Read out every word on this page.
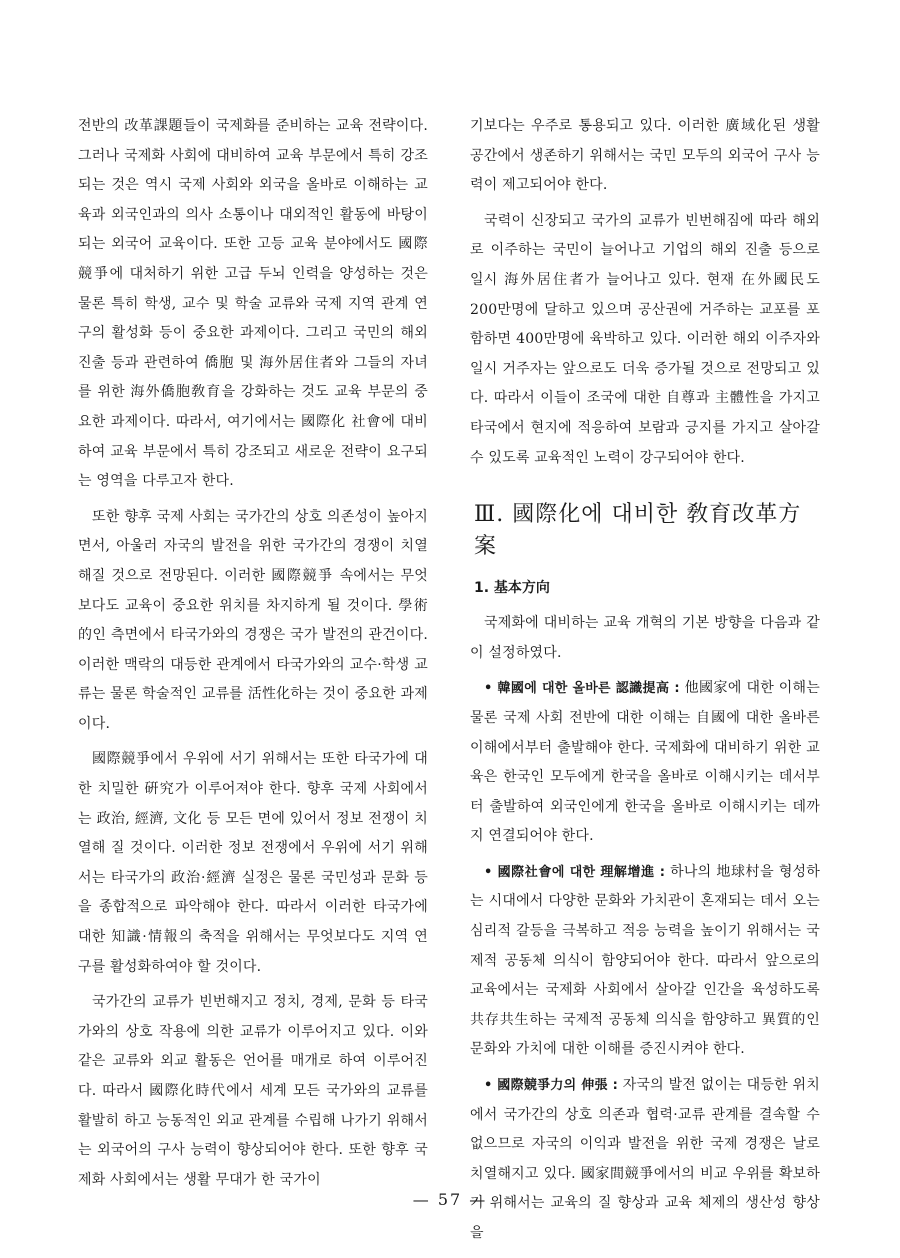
전반의 改革課題들이 국제화를 준비하는 교육 전략이다. 그러나 국제화 사회에 대비하여 교육 부문에서 특히 강조되는 것은 역시 국제 사회와 외국을 올바로 이해하는 교육과 외국인과의 의사 소통이나 대외적인 활동에 바탕이 되는 외국어 교육이다. 또한 고등 교육 분야에서도 國際競爭에 대처하기 위한 고급 두뇌 인력을 양성하는 것은 물론 특히 학생, 교수 및 학술 교류와 국제 지역 관계 연구의 활성화 등이 중요한 과제이다. 그리고 국민의 해외 진출 등과 관련하여 僑胞 및 海外居住者와 그들의 자녀를 위한 海外僑胞敎育을 강화하는 것도 교육 부문의 중요한 과제이다. 따라서, 여기에서는 國際化 社會에 대비하여 교육 부문에서 특히 강조되고 새로운 전략이 요구되는 영역을 다루고자 한다.

또한 향후 국제 사회는 국가간의 상호 의존성이 높아지면서, 아울러 자국의 발전을 위한 국가간의 경쟁이 치열해질 것으로 전망된다. 이러한 國際競爭 속에서는 무엇보다도 교육이 중요한 위치를 차지하게 될 것이다. 學術的인 측면에서 타국가와의 경쟁은 국가 발전의 관건이다. 이러한 맥락의 대등한 관계에서 타국가와의 교수·학생 교류는 물론 학술적인 교류를 活性化하는 것이 중요한 과제이다.

國際競爭에서 우위에 서기 위해서는 또한 타국가에 대한 치밀한 硏究가 이루어져야 한다. 향후 국제 사회에서는 政治, 經濟, 文化 등 모든 면에 있어서 정보 전쟁이 치열해 질 것이다. 이러한 정보 전쟁에서 우위에 서기 위해서는 타국가의 政治·經濟 실정은 물론 국민성과 문화 등을 종합적으로 파악해야 한다. 따라서 이러한 타국가에 대한 知識·情報의 축적을 위해서는 무엇보다도 지역 연구를 활성화하여야 할 것이다.

국가간의 교류가 빈번해지고 정치, 경제, 문화 등 타국가와의 상호 작용에 의한 교류가 이루어지고 있다. 이와 같은 교류와 외교 활동은 언어를 매개로 하여 이루어진다. 따라서 國際化時代에서 세계 모든 국가와의 교류를 활발히 하고 능동적인 외교 관계를 수립해 나가기 위해서는 외국어의 구사 능력이 향상되어야 한다. 또한 향후 국제화 사회에서는 생활 무대가 한 국가이

기보다는 우주로 통용되고 있다. 이러한 廣域化된 생활 공간에서 생존하기 위해서는 국민 모두의 외국어 구사 능력이 제고되어야 한다.

국력이 신장되고 국가의 교류가 빈번해짐에 따라 해외로 이주하는 국민이 늘어나고 기업의 해외 진출 등으로 일시 海外居住者가 늘어나고 있다. 현재 在外國民도 200만명에 달하고 있으며 공산권에 거주하는 교포를 포함하면 400만명에 육박하고 있다. 이러한 해외 이주자와 일시 거주자는 앞으로도 더욱 증가될 것으로 전망되고 있다. 따라서 이들이 조국에 대한 自尊과 主體性을 가지고 타국에서 현지에 적응하여 보람과 긍지를 가지고 살아갈 수 있도록 교육적인 노력이 강구되어야 한다.

Ⅲ. 國際化에 대비한 敎育改革方案
1. 基本方向

국제화에 대비하는 교육 개혁의 기본 방향을 다음과 같이 설정하였다.

• 韓國에 대한 올바른 認識提高 : 他國家에 대한 이해는 물론 국제 사회 전반에 대한 이해는 自國에 대한 올바른 이해에서부터 출발해야 한다. 국제화에 대비하기 위한 교육은 한국인 모두에게 한국을 올바로 이해시키는 데서부터 출발하여 외국인에게 한국을 올바로 이해시키는 데까지 연결되어야 한다.

• 國際社會에 대한 理解增進 : 하나의 地球村을 형성하는 시대에서 다양한 문화와 가치관이 혼재되는 데서 오는 심리적 갈등을 극복하고 적응 능력을 높이기 위해서는 국제적 공동체 의식이 함양되어야 한다. 따라서 앞으로의 교육에서는 국제화 사회에서 살아갈 인간을 육성하도록 共存共生하는 국제적 공동체 의식을 함양하고 異質的인 문화와 가치에 대한 이해를 증진시켜야 한다.

• 國際競爭力의 伸張 : 자국의 발전 없이는 대등한 위치에서 국가간의 상호 의존과 협력·교류 관계를 결속할 수 없으므로 자국의 이익과 발전을 위한 국제 경쟁은 날로 치열해지고 있다. 國家間競爭에서의 비교 우위를 확보하기 위해서는 교육의 질 향상과 교육 체제의 생산성 향상을

— 57 —
